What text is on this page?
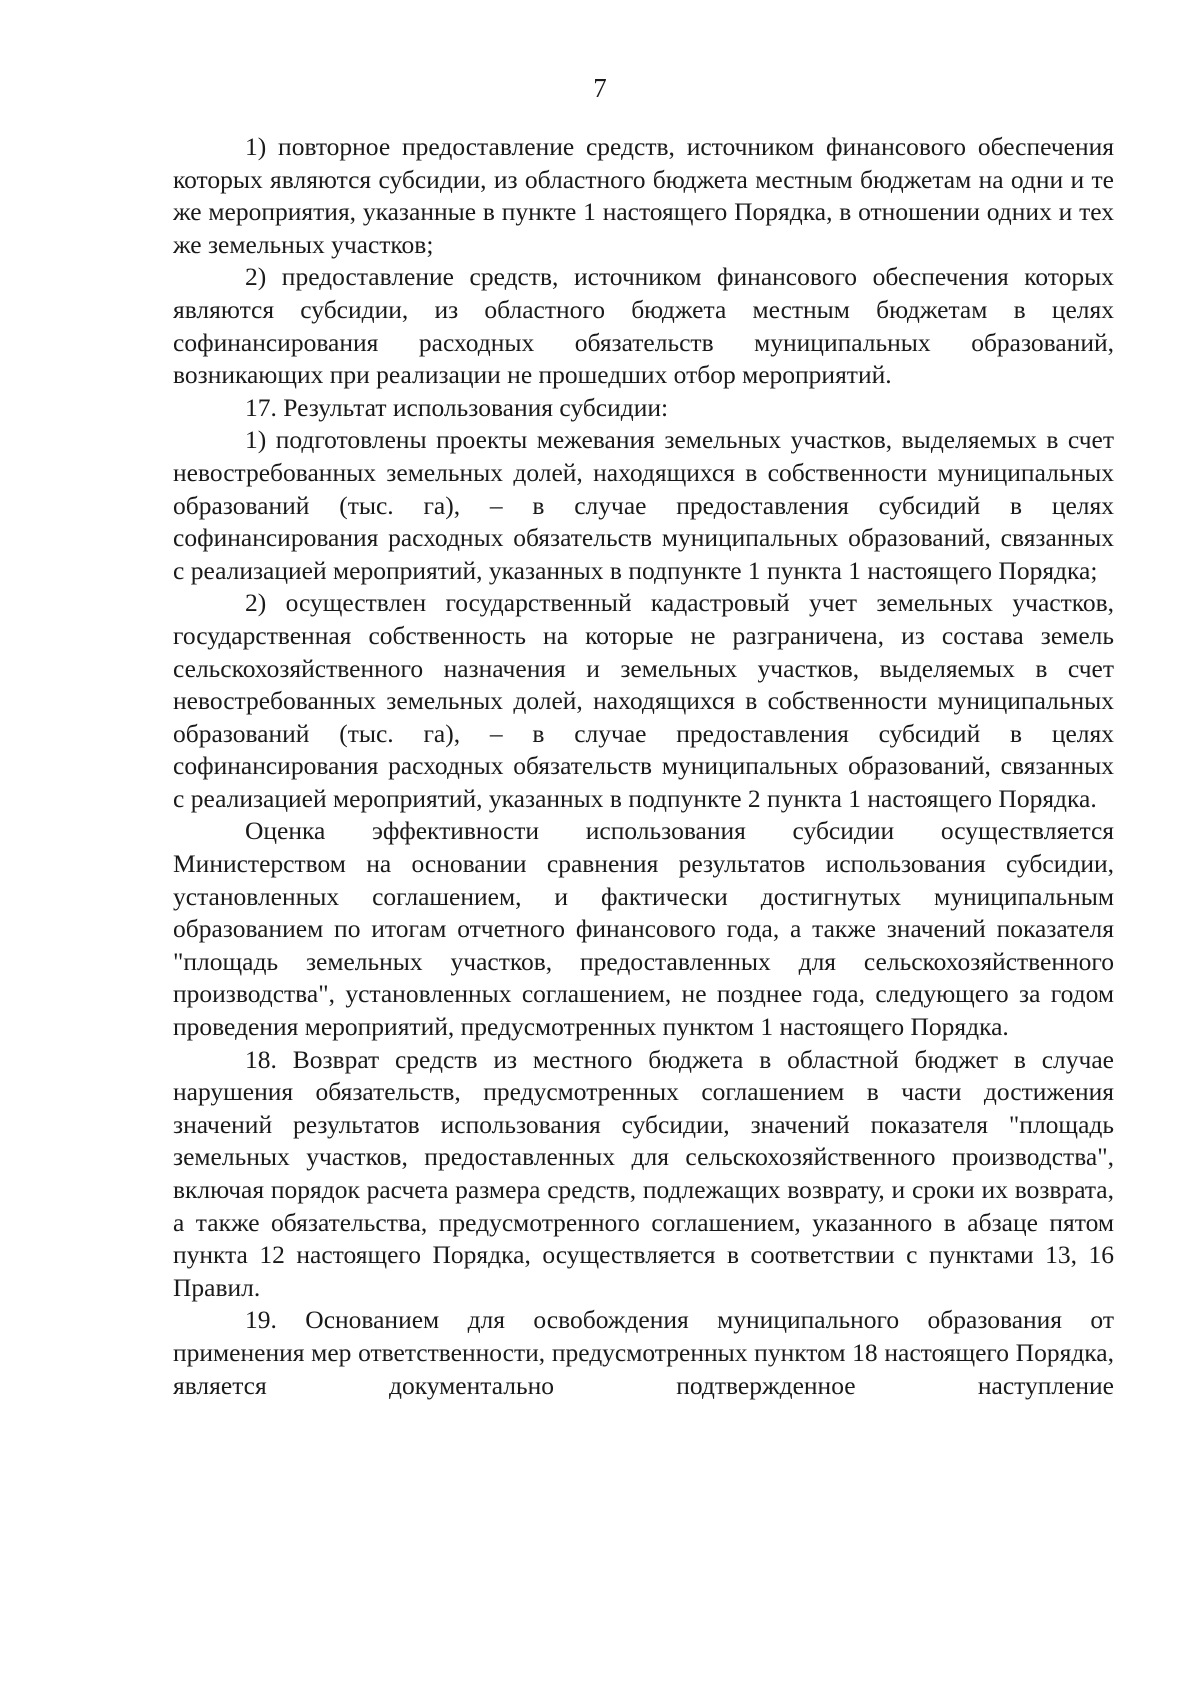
7

1) повторное предоставление средств, источником финансового обеспечения которых являются субсидии, из областного бюджета местным бюджетам на одни и те же мероприятия, указанные в пункте 1 настоящего Порядка, в отношении одних и тех же земельных участков;

2) предоставление средств, источником финансового обеспечения которых являются субсидии, из областного бюджета местным бюджетам в целях софинансирования расходных обязательств муниципальных образований, возникающих при реализации не прошедших отбор мероприятий.

17. Результат использования субсидии:

1) подготовлены проекты межевания земельных участков, выделяемых в счет невостребованных земельных долей, находящихся в собственности муниципальных образований (тыс. га), – в случае предоставления субсидий в целях софинансирования расходных обязательств муниципальных образований, связанных с реализацией мероприятий, указанных в подпункте 1 пункта 1 настоящего Порядка;

2) осуществлен государственный кадастровый учет земельных участков, государственная собственность на которые не разграничена, из состава земель сельскохозяйственного назначения и земельных участков, выделяемых в счет невостребованных земельных долей, находящихся в собственности муниципальных образований (тыс. га), – в случае предоставления субсидий в целях софинансирования расходных обязательств муниципальных образований, связанных с реализацией мероприятий, указанных в подпункте 2 пункта 1 настоящего Порядка.

Оценка эффективности использования субсидии осуществляется Министерством на основании сравнения результатов использования субсидии, установленных соглашением, и фактически достигнутых муниципальным образованием по итогам отчетного финансового года, а также значений показателя "площадь земельных участков, предоставленных для сельскохозяйственного производства", установленных соглашением, не позднее года, следующего за годом проведения мероприятий, предусмотренных пунктом 1 настоящего Порядка.

18. Возврат средств из местного бюджета в областной бюджет в случае нарушения обязательств, предусмотренных соглашением в части достижения значений результатов использования субсидии, значений показателя "площадь земельных участков, предоставленных для сельскохозяйственного производства", включая порядок расчета размера средств, подлежащих возврату, и сроки их возврата, а также обязательства, предусмотренного соглашением, указанного в абзаце пятом пункта 12 настоящего Порядка, осуществляется в соответствии с пунктами 13, 16 Правил.

19. Основанием для освобождения муниципального образования от применения мер ответственности, предусмотренных пунктом 18 настоящего Порядка, является документально подтвержденное наступление
